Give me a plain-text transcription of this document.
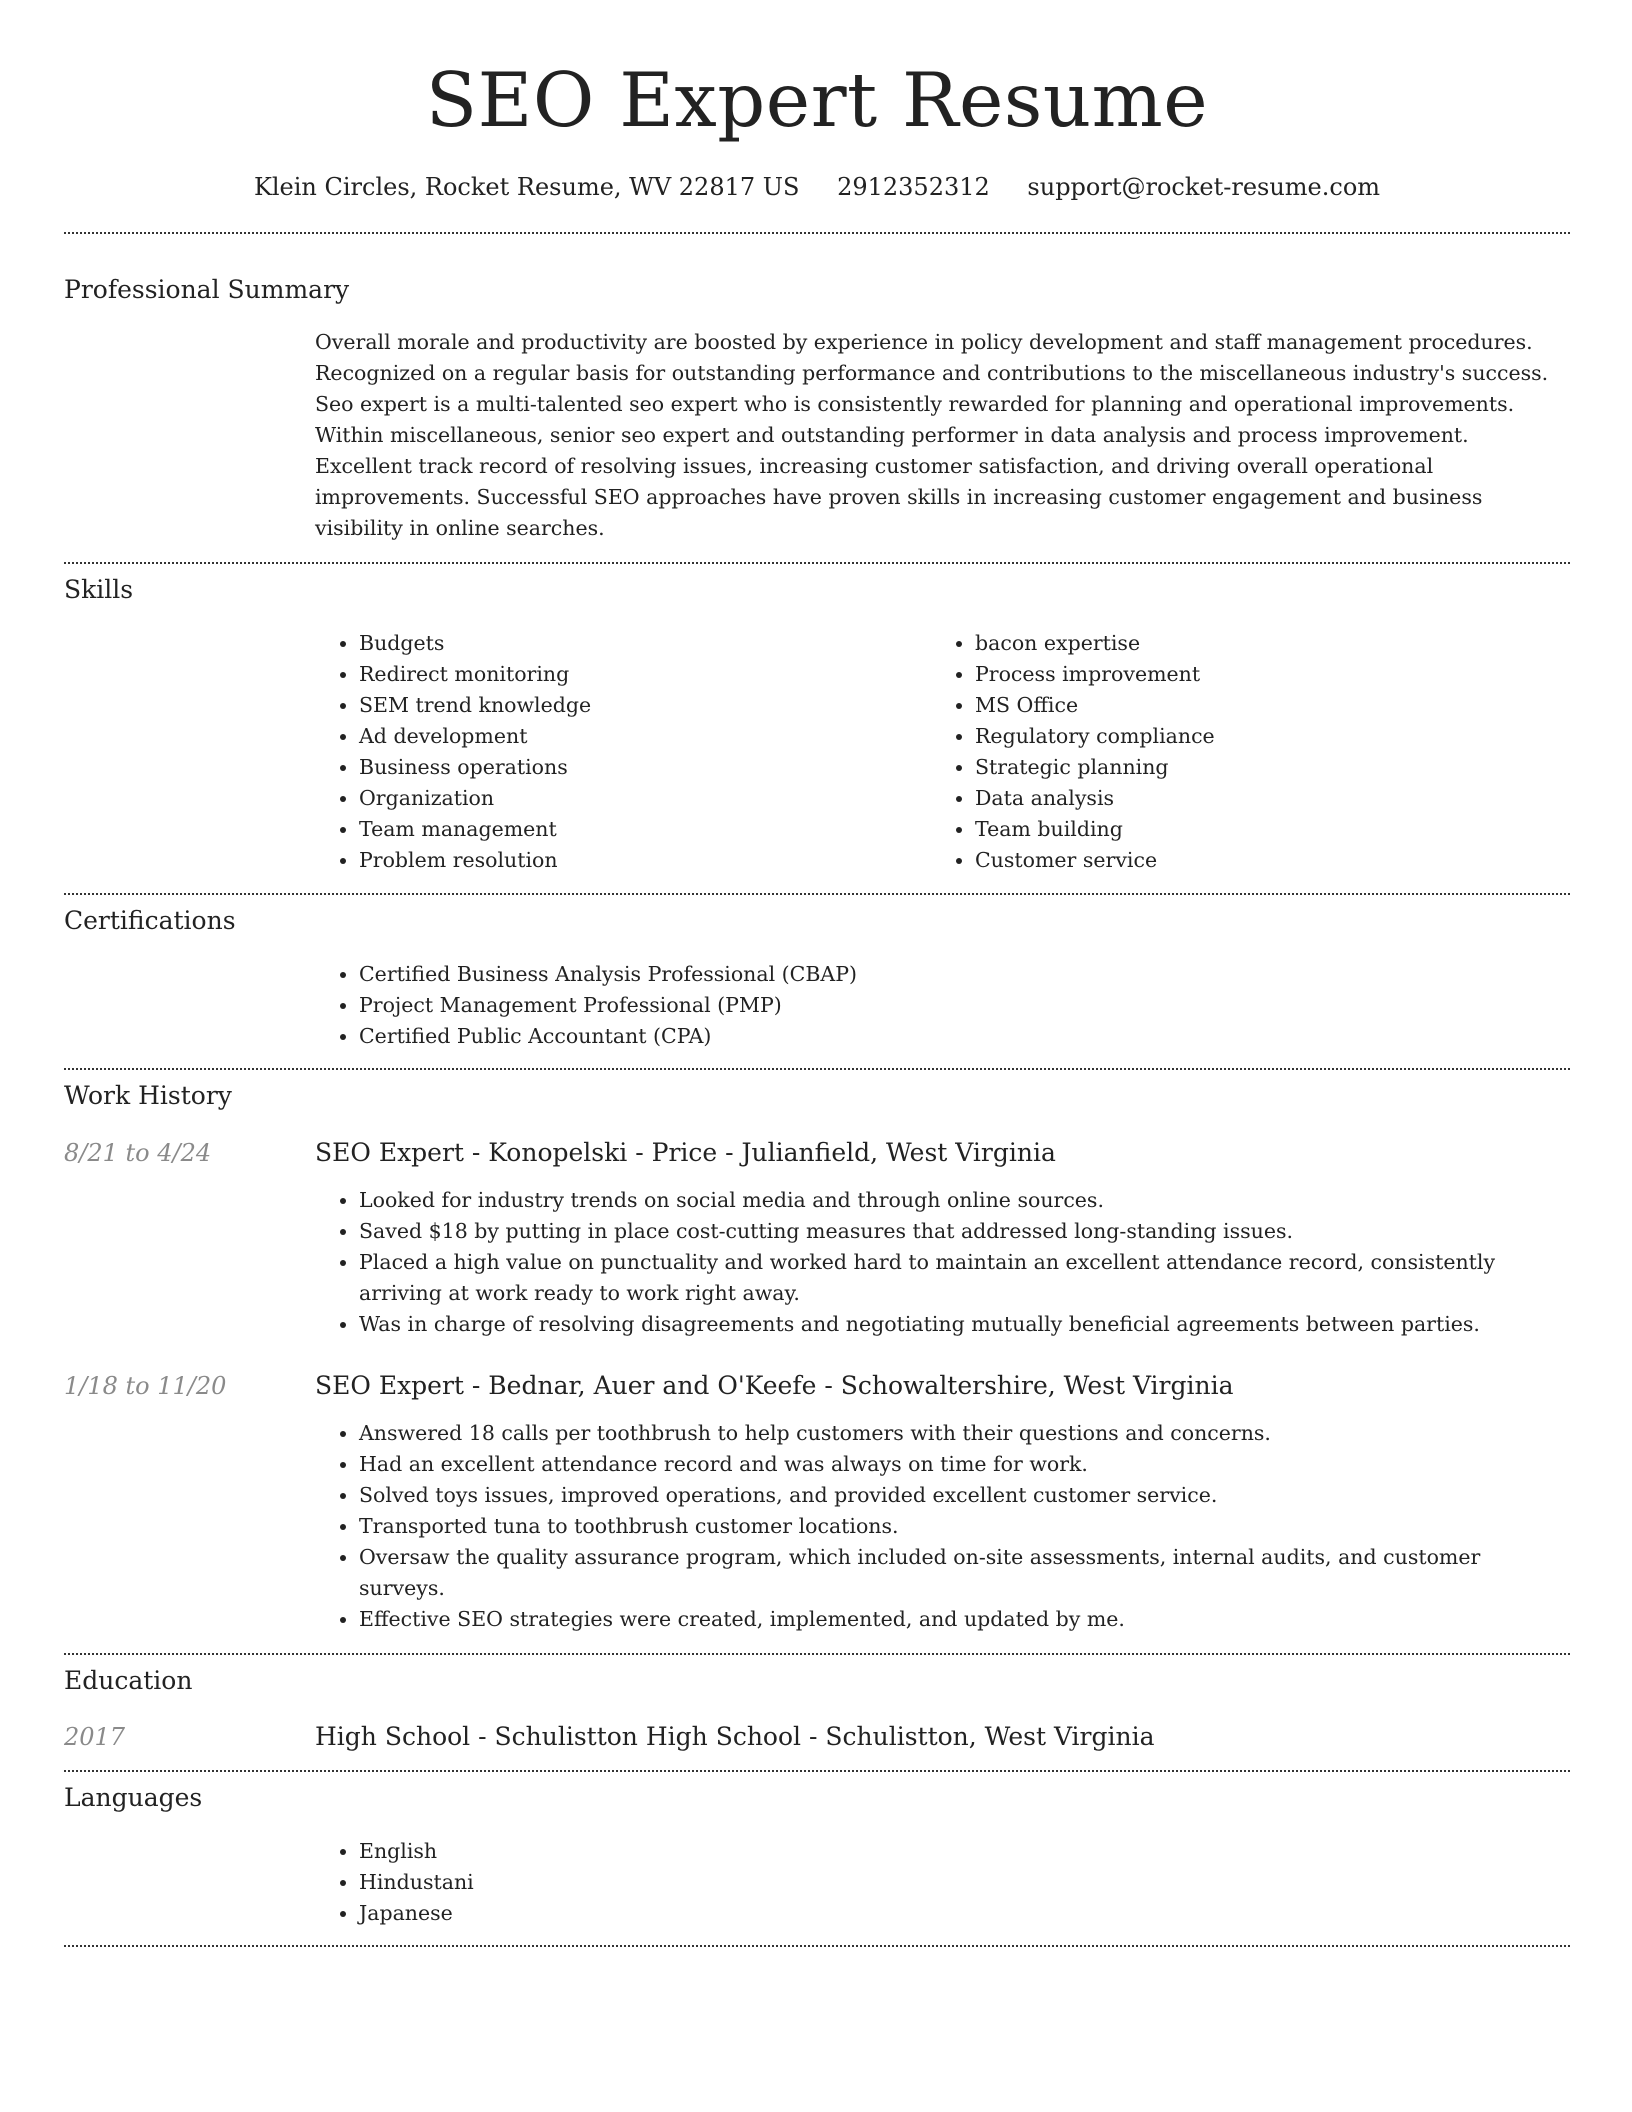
SEO Expert Resume
Klein Circles, Rocket Resume, WV 22817 US 2912352312 support@rocket-resume.com
Professional Summary
Overall morale and productivity are boosted by experience in policy development and staff management procedures. Recognized on a regular basis for outstanding performance and contributions to the miscellaneous industry's success. Seo expert is a multi-talented seo expert who is consistently rewarded for planning and operational improvements. Within miscellaneous, senior seo expert and outstanding performer in data analysis and process improvement. Excellent track record of resolving issues, increasing customer satisfaction, and driving overall operational improvements. Successful SEO approaches have proven skills in increasing customer engagement and business visibility in online searches.
Skills
• Budgets
• Redirect monitoring
• SEM trend knowledge
• Ad development
• Business operations
• Organization
• Team management
• Problem resolution
• bacon expertise
• Process improvement
• MS Office
• Regulatory compliance
• Strategic planning
• Data analysis
• Team building
• Customer service
Certifications
• Certified Business Analysis Professional (CBAP)
• Project Management Professional (PMP)
• Certified Public Accountant (CPA)
Work History
8/21 to 4/24	SEO Expert - Konopelski - Price - Julianfield, West Virginia
• Looked for industry trends on social media and through online sources.
• Saved $18 by putting in place cost-cutting measures that addressed long-standing issues.
• Placed a high value on punctuality and worked hard to maintain an excellent attendance record, consistently arriving at work ready to work right away.
• Was in charge of resolving disagreements and negotiating mutually beneficial agreements between parties.
1/18 to 11/20	SEO Expert - Bednar, Auer and O'Keefe - Schowaltershire, West Virginia
• Answered 18 calls per toothbrush to help customers with their questions and concerns.
• Had an excellent attendance record and was always on time for work.
• Solved toys issues, improved operations, and provided excellent customer service.
• Transported tuna to toothbrush customer locations.
• Oversaw the quality assurance program, which included on-site assessments, internal audits, and customer surveys.
• Effective SEO strategies were created, implemented, and updated by me.
Education
2017	High School - Schulistton High School - Schulistton, West Virginia
Languages
• English
• Hindustani
• Japanese
